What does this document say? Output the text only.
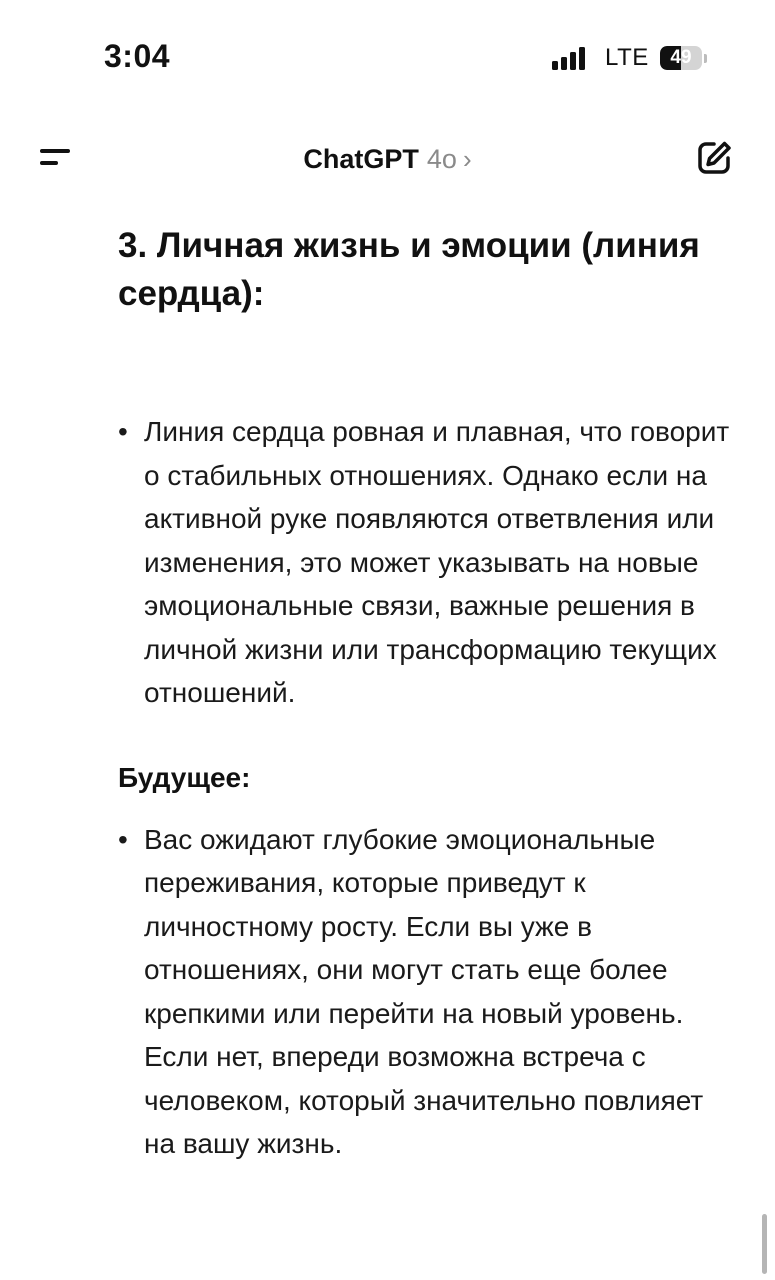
3:04	LTE	49
ChatGPT 4o ›
3. Личная жизнь и эмоции (линия сердца):
• Линия сердца ровная и плавная, что говорит о стабильных отношениях. Однако если на активной руке появляются ответвления или изменения, это может указывать на новые эмоциональные связи, важные решения в личной жизни или трансформацию текущих отношений.
Будущее:
• Вас ожидают глубокие эмоциональные переживания, которые приведут к личностному росту. Если вы уже в отношениях, они могут стать еще более крепкими или перейти на новый уровень. Если нет, впереди возможна встреча с человеком, который значительно повлияет на вашу жизнь.
